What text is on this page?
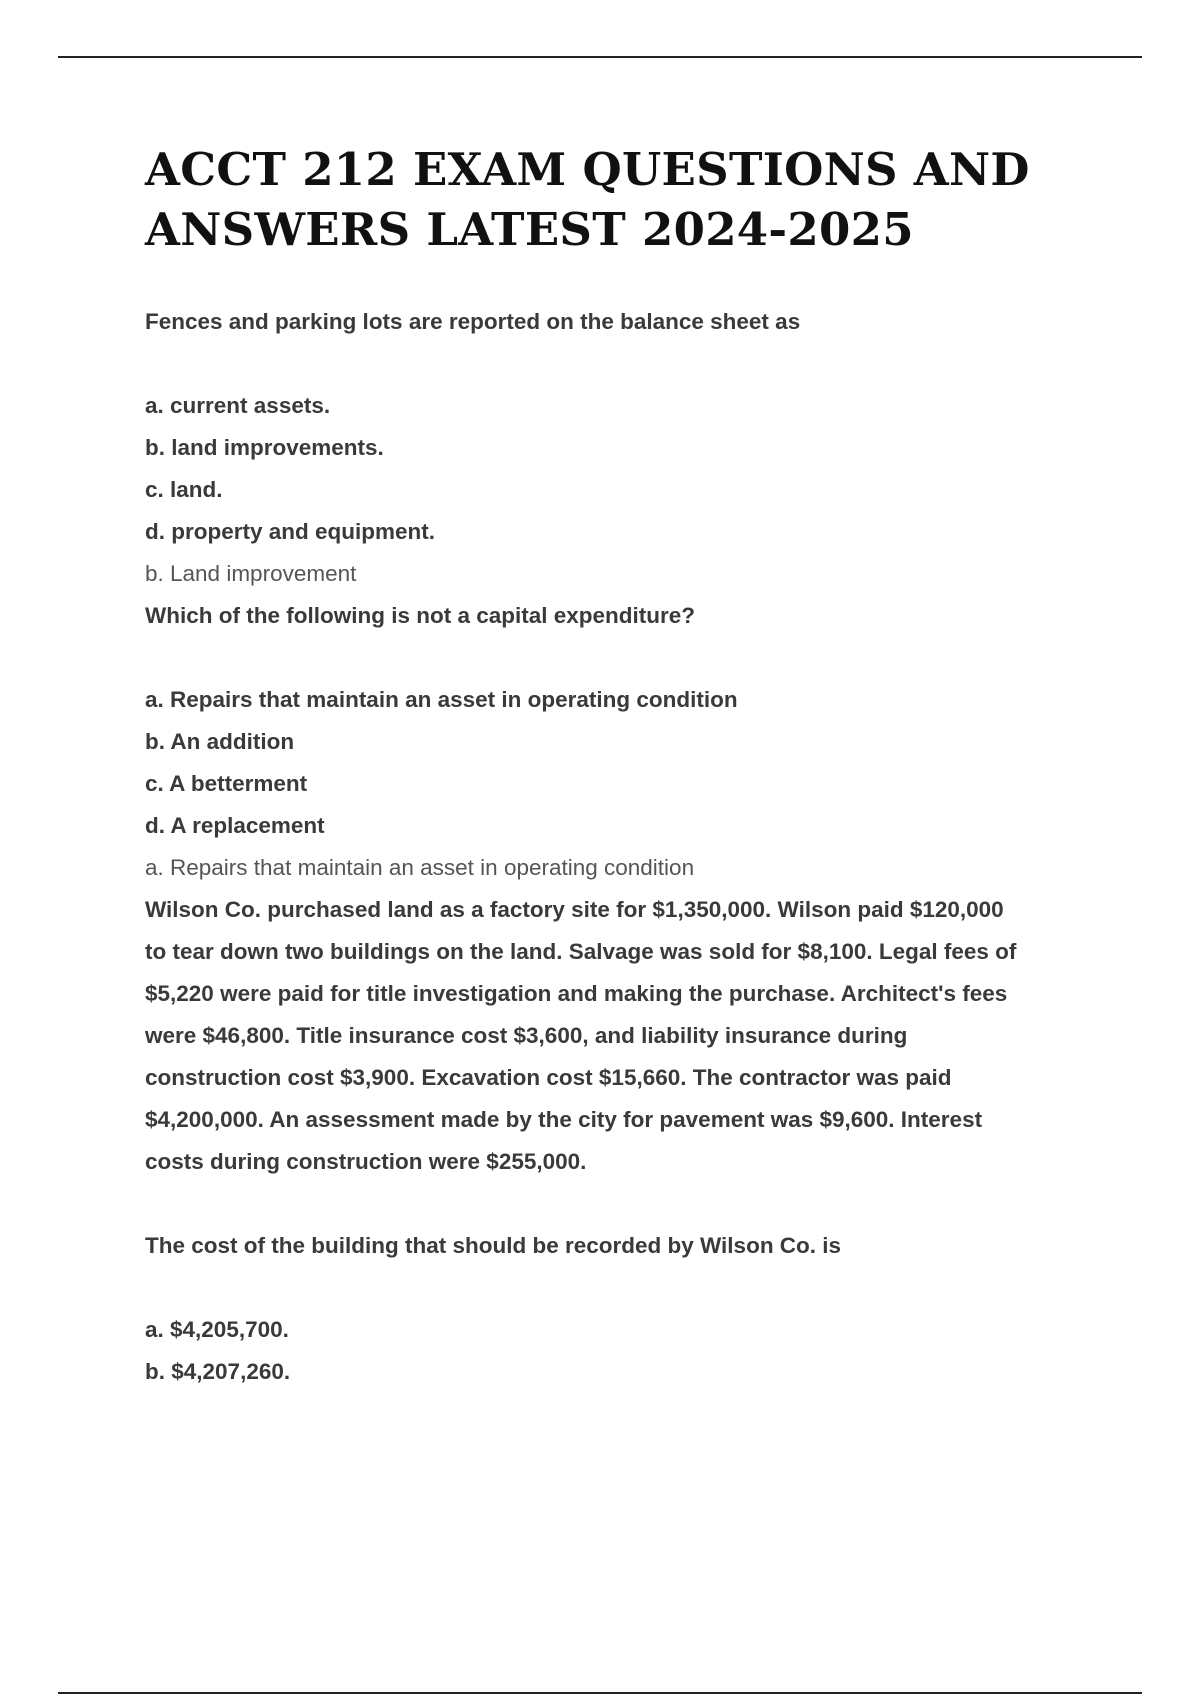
ACCT 212 EXAM QUESTIONS AND
ANSWERS LATEST 2024-2025
Fences and parking lots are reported on the balance sheet as
a. current assets.
b. land improvements.
c. land.
d. property and equipment.
b. Land improvement
Which of the following is not a capital expenditure?
a. Repairs that maintain an asset in operating condition
b. An addition
c. A betterment
d. A replacement
a. Repairs that maintain an asset in operating condition
Wilson Co. purchased land as a factory site for $1,350,000. Wilson paid $120,000
to tear down two buildings on the land. Salvage was sold for $8,100. Legal fees of
$5,220 were paid for title investigation and making the purchase. Architect's fees
were $46,800. Title insurance cost $3,600, and liability insurance during
construction cost $3,900. Excavation cost $15,660. The contractor was paid
$4,200,000. An assessment made by the city for pavement was $9,600. Interest
costs during construction were $255,000.
The cost of the building that should be recorded by Wilson Co. is
a. $4,205,700.
b. $4,207,260.
